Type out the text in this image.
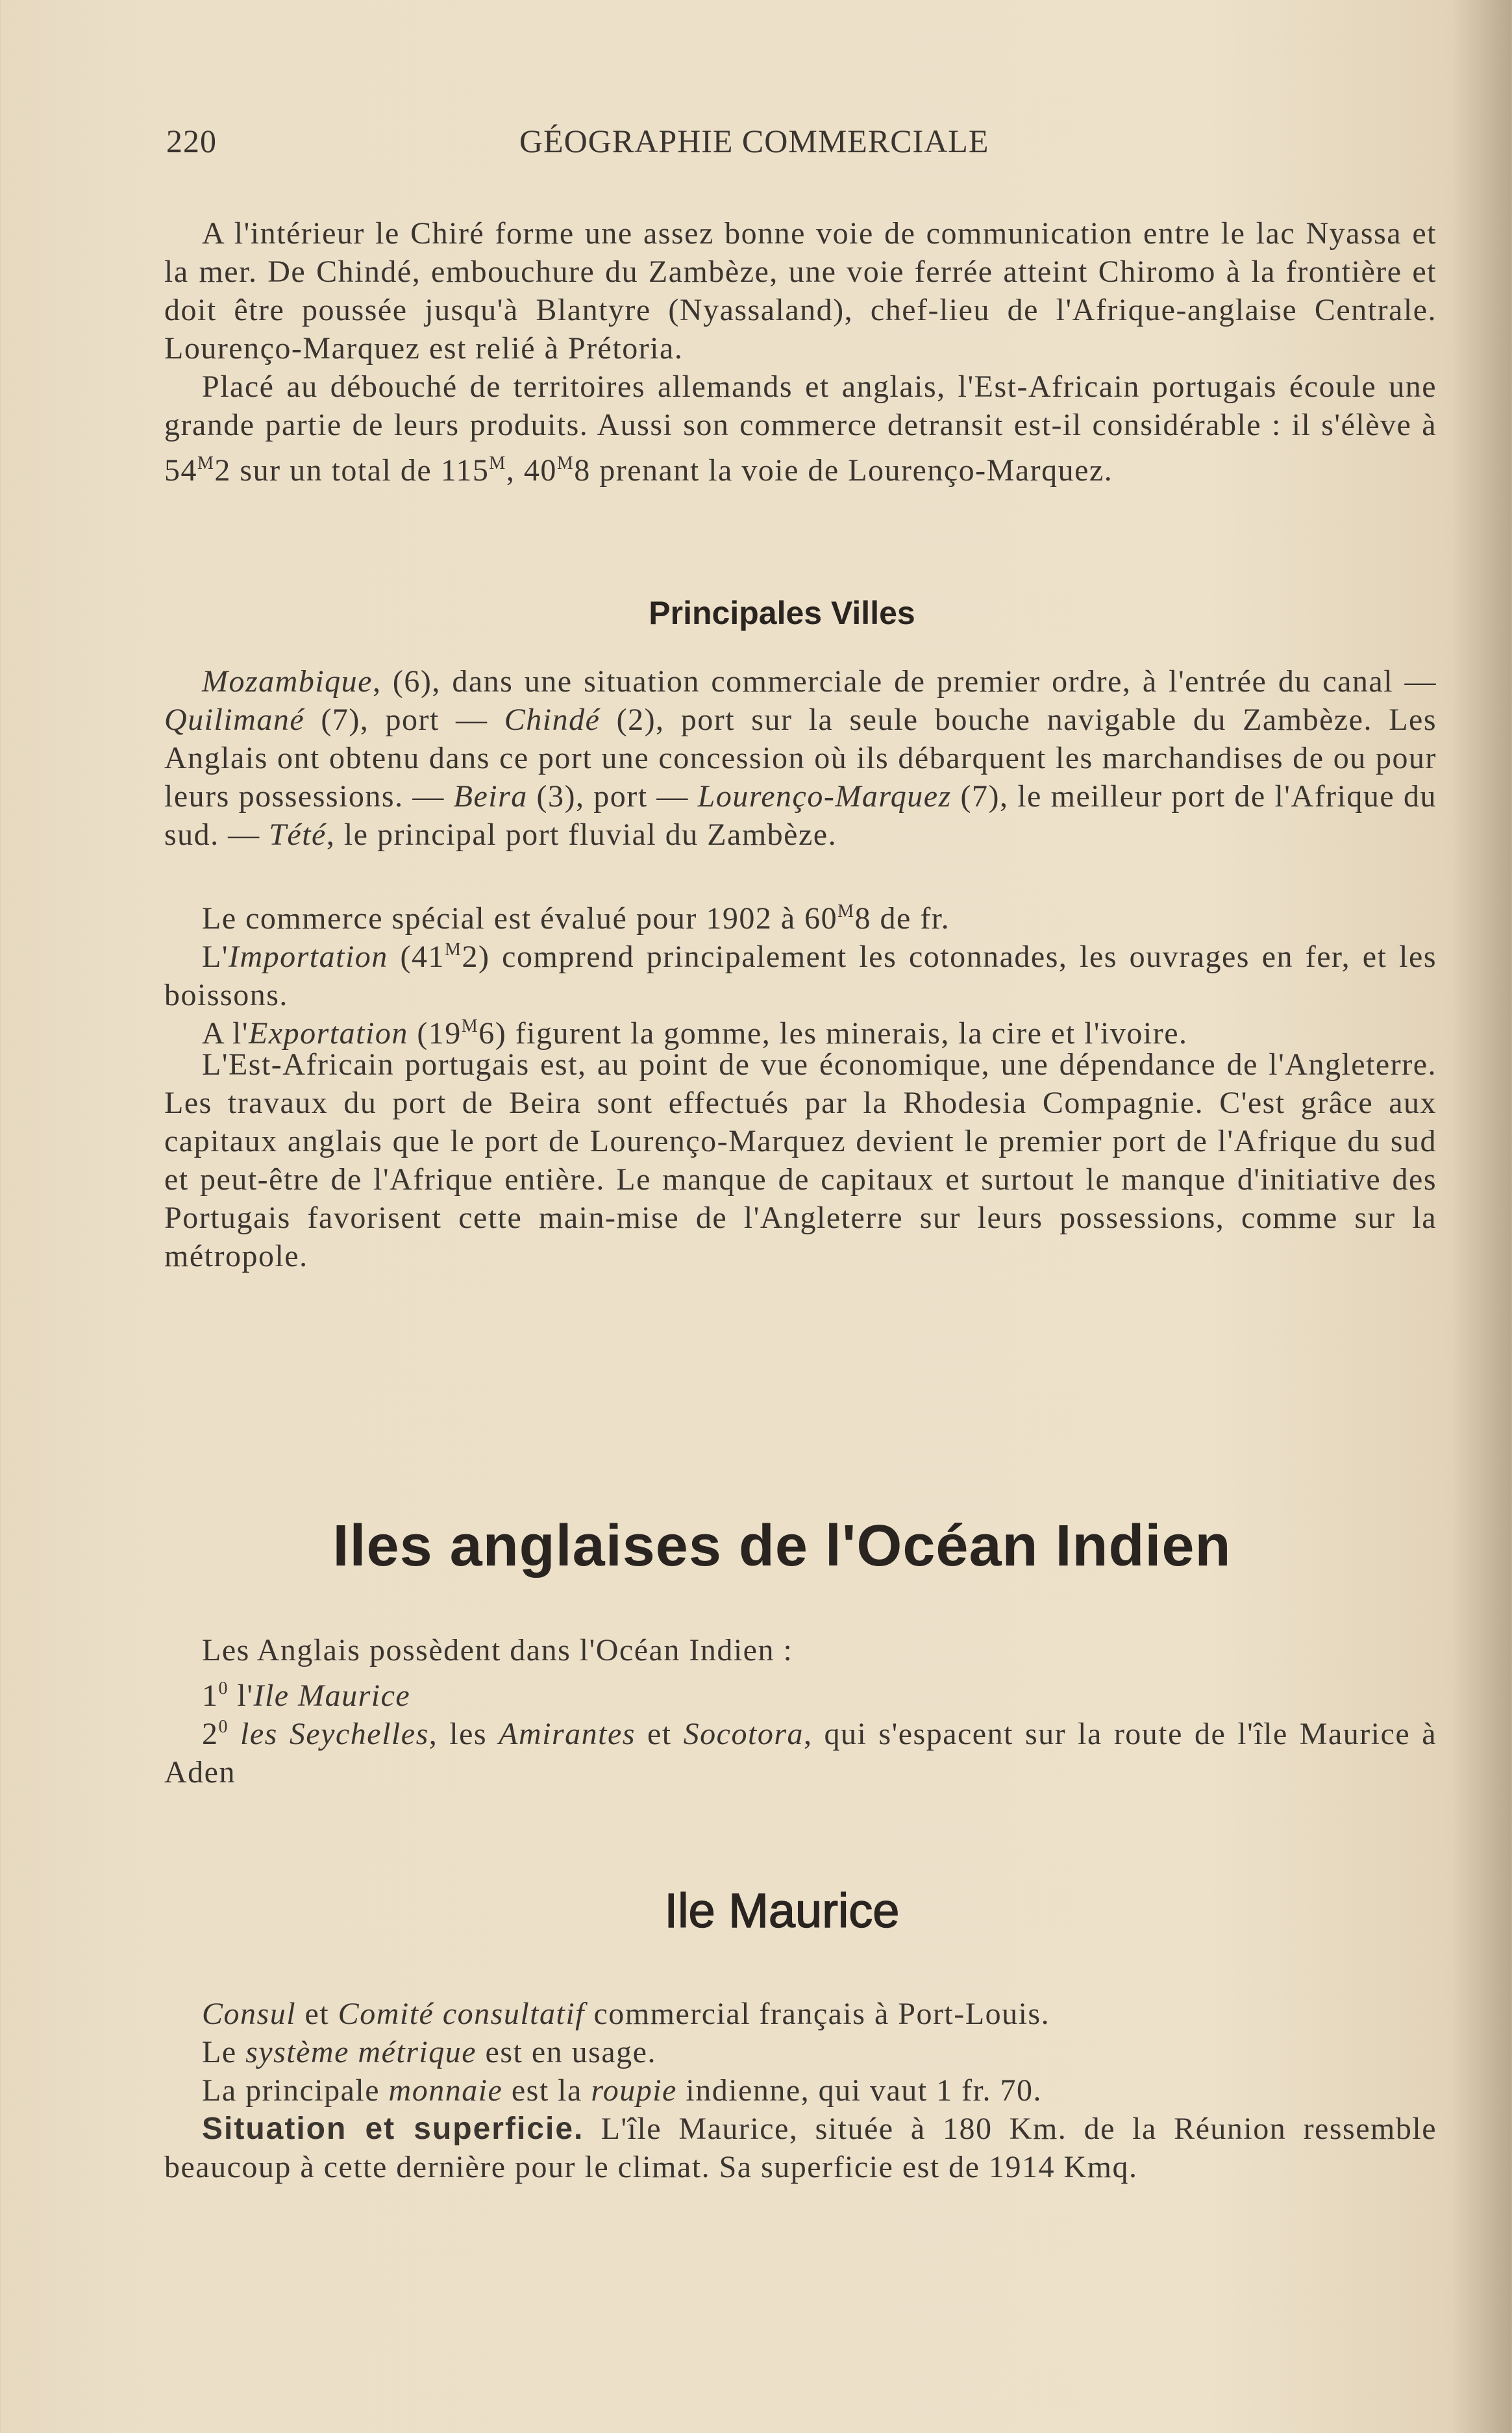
220	GÉOGRAPHIE COMMERCIALE
Principales Villes
Iles anglaises de l'Océan Indien
Ile Maurice

A l'intérieur le Chiré forme une assez bonne voie de communication entre le lac Nyassa et la mer. De Chindé, embouchure du Zambèze, une voie ferrée atteint Chiromo à la frontière et doit être poussée jusqu'à Blantyre (Nyassaland), chef-lieu de l'Afrique-anglaise Centrale. Lourenço-Marquez est relié à Prétoria.

Placé au débouché de territoires allemands et anglais, l'Est-Africain portugais écoule une grande partie de leurs produits. Aussi son commerce detransit est-il considérable : il s'élève à $54^M2$ sur un total de $115^M$, $40^M8$ prenant la voie de Lourenço-Marquez.

Mozambique, (6), dans une situation commerciale de premier ordre, à l'entrée du canal — Quilimané (7), port — Chindé (2), port sur la seule bouche navigable du Zambèze. Les Anglais ont obtenu dans ce port une concession où ils débarquent les marchandises de ou pour leurs possessions. — Beira (3), port — Lourenço-Marquez (7), le meilleur port de l'Afrique du sud. — Tété, le principal port fluvial du Zambèze.

Le commerce spécial est évalué pour 1902 à $60^M8$ de fr.

L'Importation $(41^M2)$ comprend principalement les cotonnades, les ouvrages en fer, et les boissons.

A l'Exportation $(19^M6)$ figurent la gomme, les minerais, la cire et l'ivoire.

L'Est-Africain portugais est, au point de vue économique, une dépendance de l'Angleterre. Les travaux du port de Beira sont effectués par la Rhodesia Compagnie. C'est grâce aux capitaux anglais que le port de Lourenço-Marquez devient le premier port de l'Afrique du sud et peut-être de l'Afrique entière. Le manque de capitaux et surtout le manque d'initiative des Portugais favorisent cette main-mise de l'Angleterre sur leurs possessions, comme sur la métropole.

Les Anglais possèdent dans l'Océan Indien :

$1^0$ l'Ile Maurice

$2^0$ les Seychelles, les Amirantes et Socotora, qui s'espacent sur la route de l'île Maurice à Aden

Consul et Comité consultatif commercial français à Port-Louis.

Le système métrique est en usage.

La principale monnaie est la roupie indienne, qui vaut 1 fr. 70.

Situation et superficie. L'île Maurice, située à 180 Km. de la Réunion ressemble beaucoup à cette dernière pour le climat. Sa superficie est de 1914 Kmq.
